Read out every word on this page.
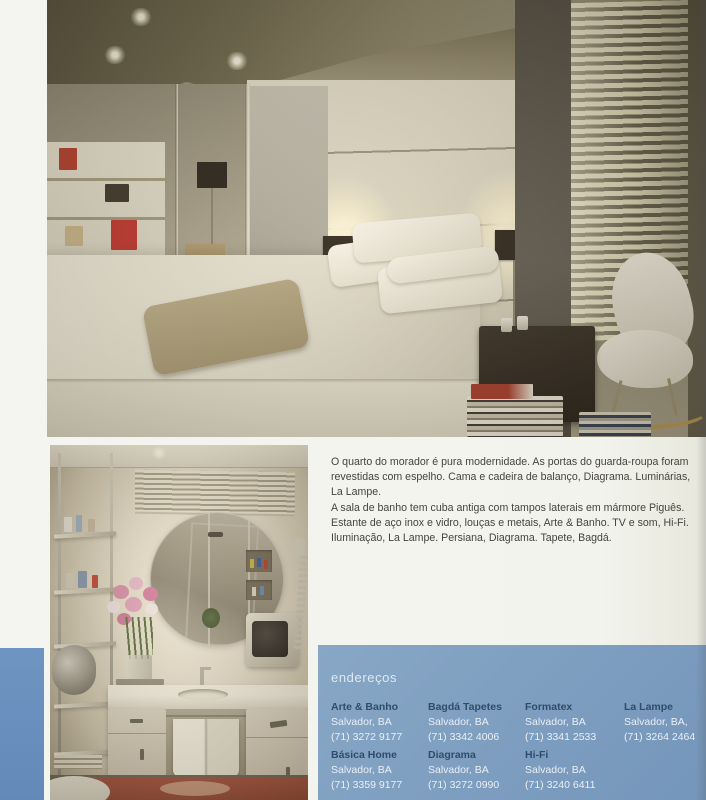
O quarto do morador é pura modernidade. As portas do guarda-roupa foram revestidas com espelho. Cama e cadeira de balanço, Diagrama. Luminárias, La Lampe.

A sala de banho tem cuba antiga com tampos laterais em mármore Piguês. Estante de aço inox e vidro, louças e metais, Arte & Banho. TV e som, Hi-Fi. Iluminação, La Lampe. Persiana, Diagrama. Tapete, Bagdá.

endereços
Arte & Banho
Salvador, BA
(71) 3272 9177
Básica Home
Salvador, BA
(71) 3359 9177
Bagdá Tapetes
Salvador, BA
(71) 3342 4006
Diagrama
Salvador, BA
(71) 3272 0990
Formatex
Salvador, BA
(71) 3341 2533
Hi-Fi
Salvador, BA
(71) 3240 6411
La Lampe
Salvador, BA,
(71) 3264 2464
